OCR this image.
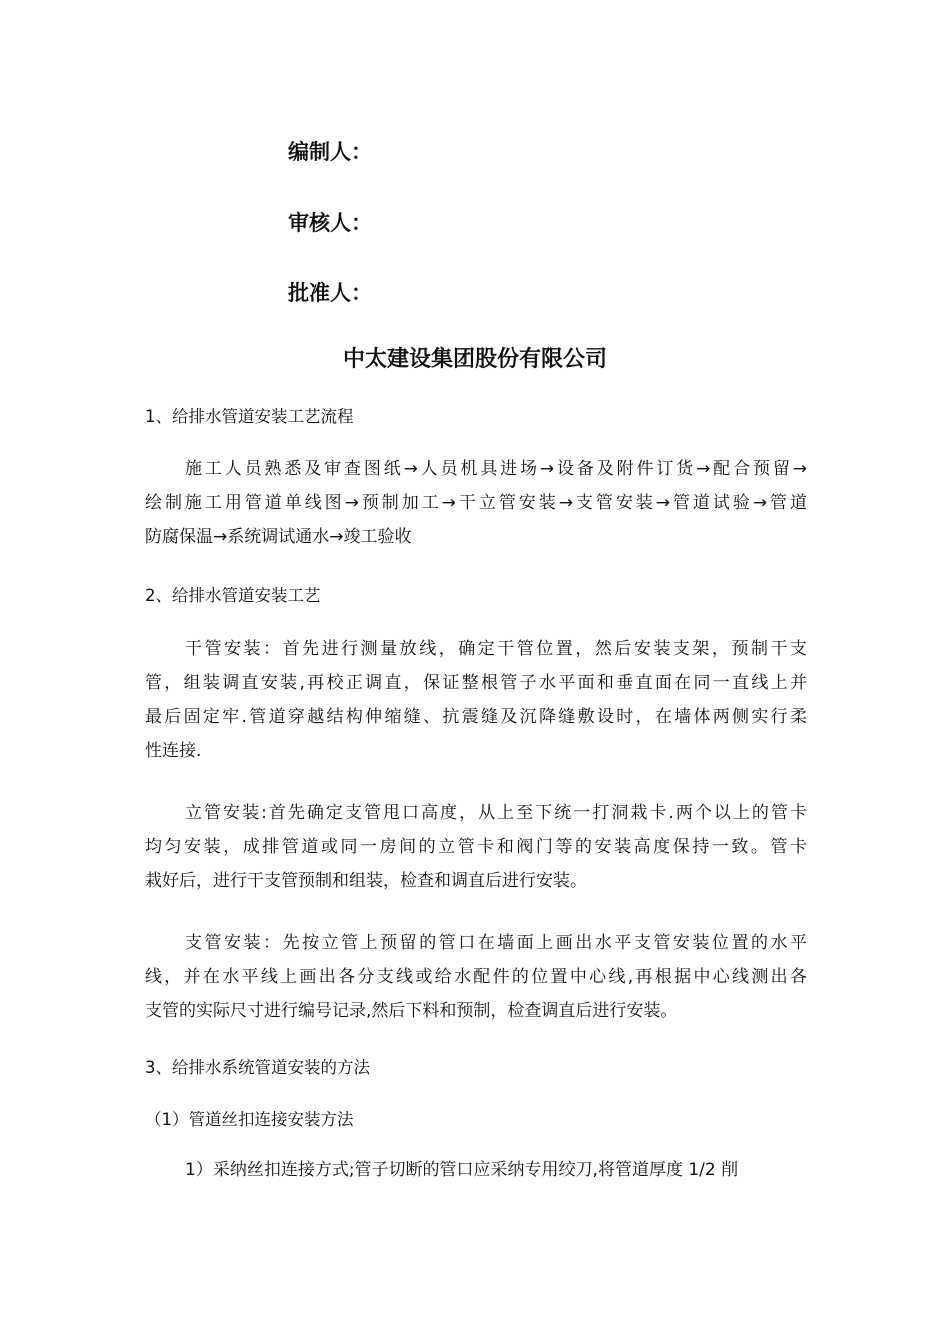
编制人：

审核人：

批准人：

中太建设集团股份有限公司

1、给排水管道安装工艺流程

施工人员熟悉及审查图纸→人员机具进场→设备及附件订货→配合预留→
绘制施工用管道单线图→预制加工→干立管安装→支管安装→管道试验→管道
防腐保温→系统调试通水→竣工验收

2、给排水管道安装工艺

干管安装：首先进行测量放线，确定干管位置，然后安装支架，预制干支
管，组装调直安装,再校正调直，保证整根管子水平面和垂直面在同一直线上并
最后固定牢.管道穿越结构伸缩缝、抗震缝及沉降缝敷设时，在墙体两侧实行柔
性连接.
立管安装:首先确定支管甩口高度，从上至下统一打洞栽卡.两个以上的管卡
均匀安装，成排管道或同一房间的立管卡和阀门等的安装高度保持一致。管卡
栽好后，进行干支管预制和组装，检查和调直后进行安装。
支管安装：先按立管上预留的管口在墙面上画出水平支管安装位置的水平
线，并在水平线上画出各分支线或给水配件的位置中心线,再根据中心线测出各
支管的实际尺寸进行编号记录,然后下料和预制，检查调直后进行安装。

3、给排水系统管道安装的方法

（1）管道丝扣连接安装方法

1）采纳丝扣连接方式;管子切断的管口应采纳专用绞刀,将管道厚度 1/2 削
